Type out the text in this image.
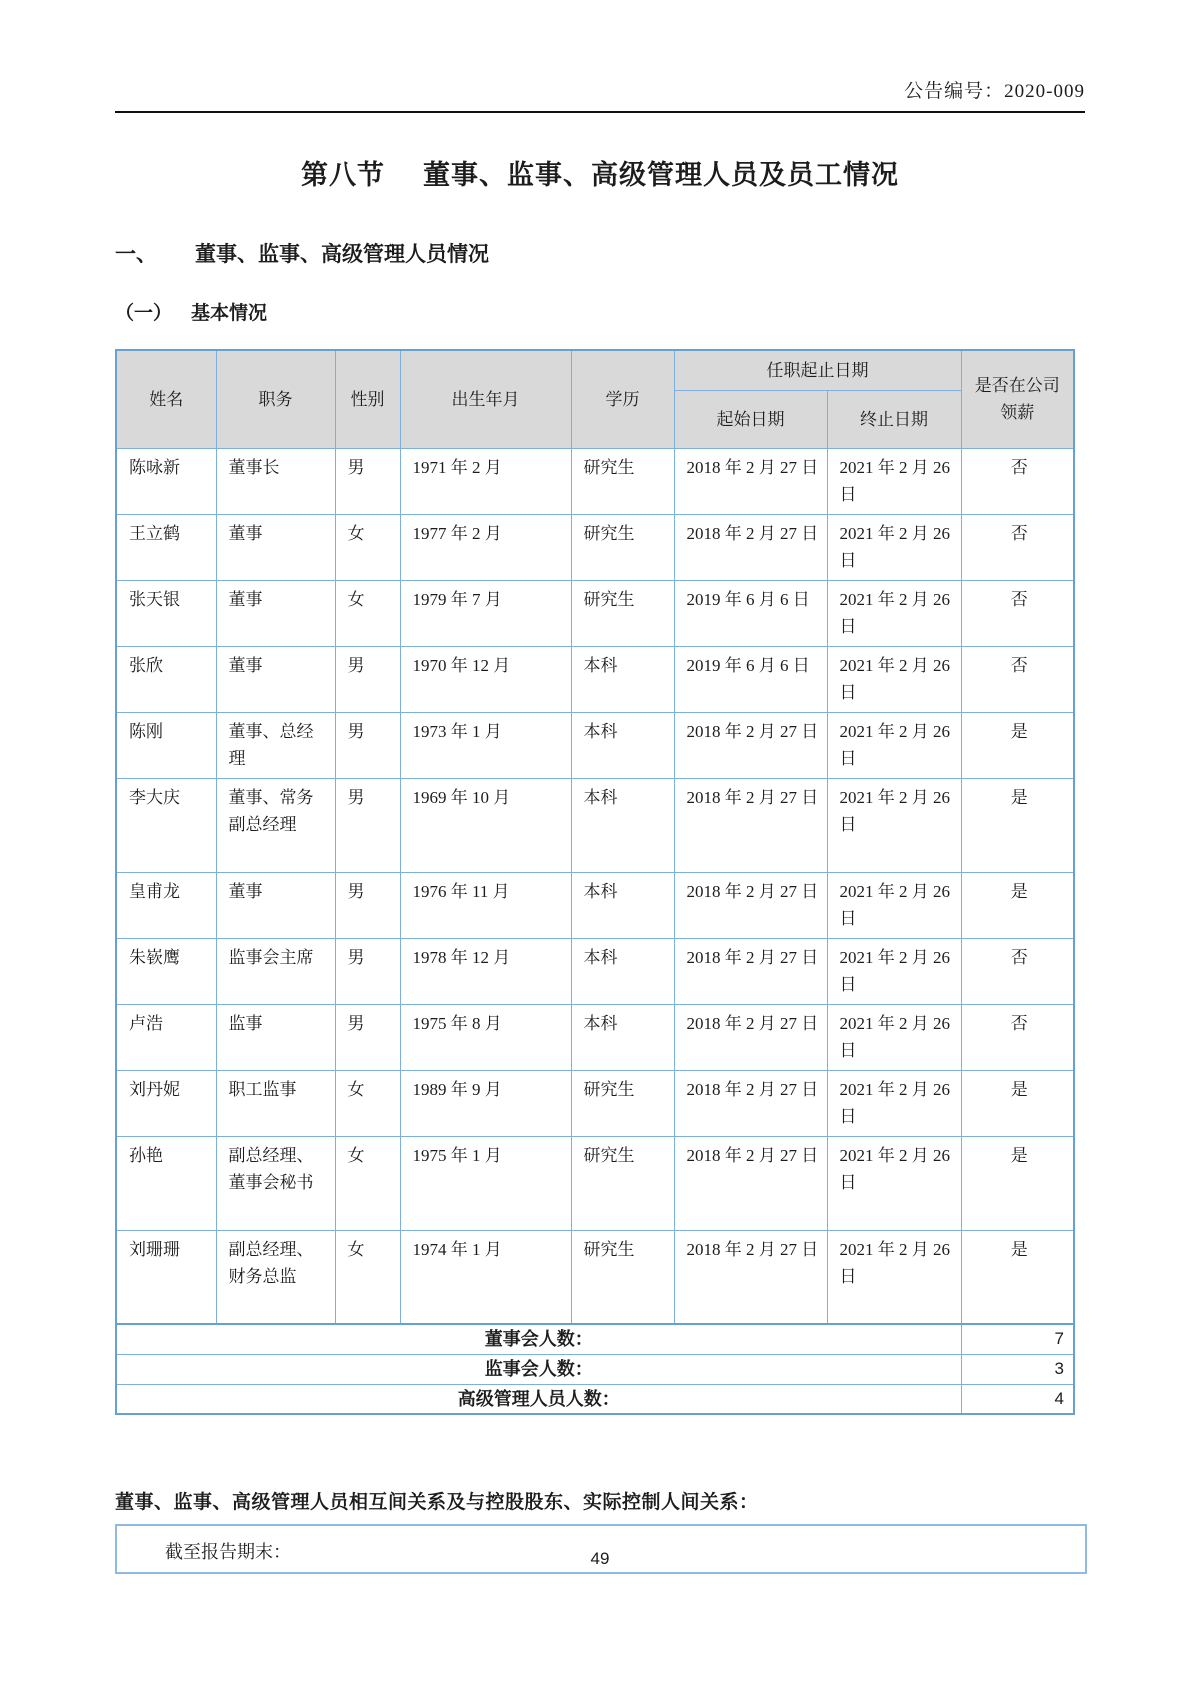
公告编号：2020-009
第八节 董事、监事、高级管理人员及员工情况
一、 董事、监事、高级管理人员情况
（一） 基本情况
姓名	职务	性别	出生年月	学历	任职起止日期		是否在公司领薪
					起始日期	终止日期	
陈咏新	董事长	男	1971 年 2 月	研究生	2018 年 2 月 27 日	2021 年 2 月 26 日	否
王立鹤	董事	女	1977 年 2 月	研究生	2018 年 2 月 27 日	2021 年 2 月 26 日	否
张天银	董事	女	1979 年 7 月	研究生	2019 年 6 月 6 日	2021 年 2 月 26 日	否
张欣	董事	男	1970 年 12 月	本科	2019 年 6 月 6 日	2021 年 2 月 26 日	否
陈刚	董事、总经理	男	1973 年 1 月	本科	2018 年 2 月 27 日	2021 年 2 月 26 日	是
李大庆	董事、常务副总经理	男	1969 年 10 月	本科	2018 年 2 月 27 日	2021 年 2 月 26 日	是
皇甫龙	董事	男	1976 年 11 月	本科	2018 年 2 月 27 日	2021 年 2 月 26 日	是
朱嵚鹰	监事会主席	男	1978 年 12 月	本科	2018 年 2 月 27 日	2021 年 2 月 26 日	否
卢浩	监事	男	1975 年 8 月	本科	2018 年 2 月 27 日	2021 年 2 月 26 日	否
刘丹妮	职工监事	女	1989 年 9 月	研究生	2018 年 2 月 27 日	2021 年 2 月 26 日	是
孙艳	副总经理、董事会秘书	女	1975 年 1 月	研究生	2018 年 2 月 27 日	2021 年 2 月 26 日	是
刘珊珊	副总经理、财务总监	女	1974 年 1 月	研究生	2018 年 2 月 27 日	2021 年 2 月 26 日	是
董事会人数：							7
监事会人数：							3
高级管理人员人数：							4
董事、监事、高级管理人员相互间关系及与控股股东、实际控制人间关系：
截至报告期末：	49
